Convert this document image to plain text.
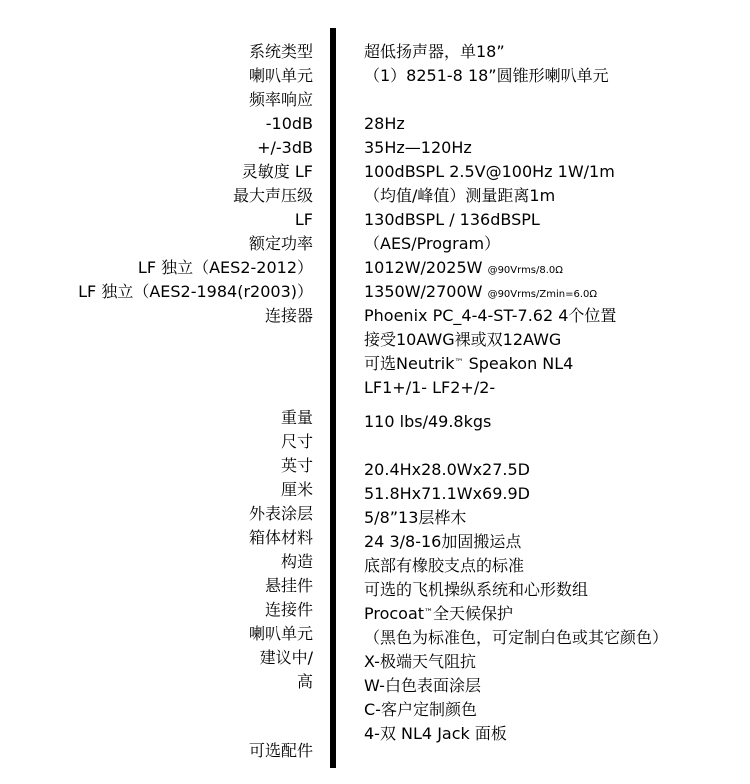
系统类型
喇叭单元
频率响应
-10dB
+/-3dB
灵敏度 LF
最大声压级
LF
额定功率
LF 独立（AES2-2012）
LF 独立（AES2-1984(r2003)）
连接器
重量
尺寸
英寸
厘米
外表涂层
箱体材料
构造
悬挂件
连接件
喇叭单元
建议中/
高
可选配件
超低扬声器，单18”
（1）8251-8 18”圆锥形喇叭单元
28Hz
35Hz—120Hz
100dBSPL 2.5V@100Hz 1W/1m
（均值/峰值）测量距离1m
130dBSPL / 136dBSPL
（AES/Program）
1012W/2025W @90Vrms/8.0Ω
1350W/2700W @90Vrms/Zmin=6.0Ω
Phoenix PC_4-4-ST-7.62 4个位置
接受10AWG裸或双12AWG
可选Neutrik™ Speakon NL4
LF1+/1- LF2+/2-
110 lbs/49.8kgs
20.4Hx28.0Wx27.5D
51.8Hx71.1Wx69.9D
5/8”13层桦木
24 3/8-16加固搬运点
底部有橡胶支点的标准
可选的飞机操纵系统和心形数组
Procoat™全天候保护
（黑色为标准色，可定制白色或其它颜色）
X-极端天气阻抗
W-白色表面涂层
C-客户定制颜色
4-双 NL4 Jack 面板
